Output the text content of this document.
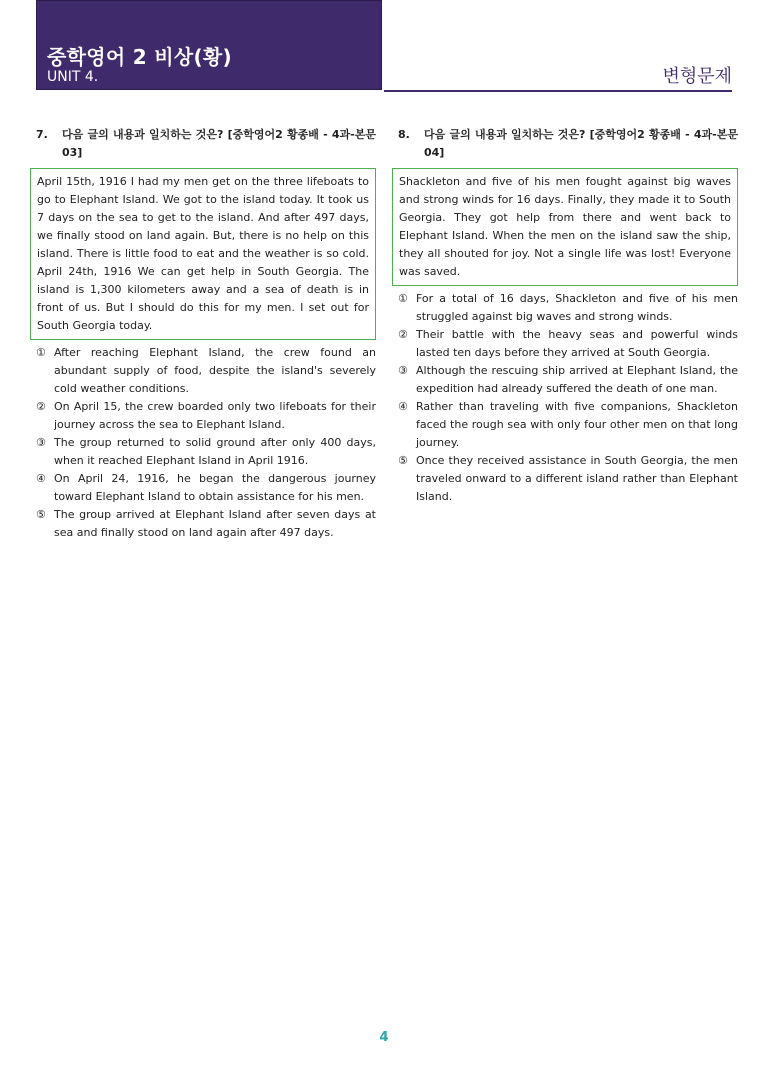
중학영어 2 비상(황)
UNIT 4.	변형문제
7.	다음 글의 내용과 일치하는 것은? [중학영어2 황종배 - 4과-본문 03]
April 15th, 1916 I had my men get on the three lifeboats to go to Elephant Island. We got to the island today. It took us 7 days on the sea to get to the island. And after 497 days, we finally stood on land again. But, there is no help on this island. There is little food to eat and the weather is so cold. April 24th, 1916 We can get help in South Georgia. The island is 1,300 kilometers away and a sea of death is in front of us. But I should do this for my men. I set out for South Georgia today.
① After reaching Elephant Island, the crew found an abundant supply of food, despite the island's severely cold weather conditions.
② On April 15, the crew boarded only two lifeboats for their journey across the sea to Elephant Island.
③ The group returned to solid ground after only 400 days, when it reached Elephant Island in April 1916.
④ On April 24, 1916, he began the dangerous journey toward Elephant Island to obtain assistance for his men.
⑤ The group arrived at Elephant Island after seven days at sea and finally stood on land again after 497 days.
8.	다음 글의 내용과 일치하는 것은? [중학영어2 황종배 - 4과-본문 04]
Shackleton and five of his men fought against big waves and strong winds for 16 days. Finally, they made it to South Georgia. They got help from there and went back to Elephant Island. When the men on the island saw the ship, they all shouted for joy. Not a single life was lost! Everyone was saved.
① For a total of 16 days, Shackleton and five of his men struggled against big waves and strong winds.
② Their battle with the heavy seas and powerful winds lasted ten days before they arrived at South Georgia.
③ Although the rescuing ship arrived at Elephant Island, the expedition had already suffered the death of one man.
④ Rather than traveling with five companions, Shackleton faced the rough sea with only four other men on that long journey.
⑤ Once they received assistance in South Georgia, the men traveled onward to a different island rather than Elephant Island.
4
